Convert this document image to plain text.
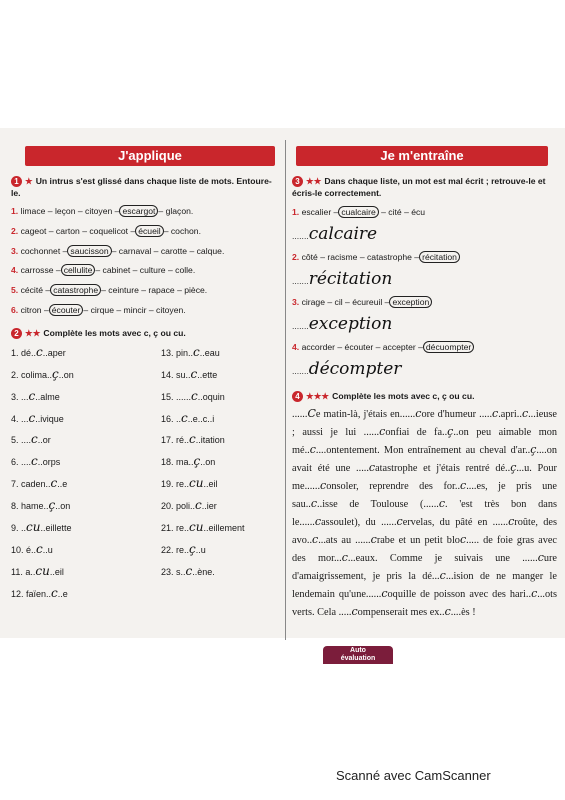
J'applique	Je m'entraîne
1 ★ Un intrus s'est glissé dans chaque liste de mots. Entoure-le.
1. limace – leçon – citoyen – escargot – glaçon.
2. cageot – carton – coquelicot – écueil – cochon.
3. cochonnet – saucisson – carnaval – carotte – calque.
4. carrosse – cellulite – cabinet – culture – colle.
5. cécité – catastrophe – ceinture – rapace – pièce.
6. citron – écouter – cirque – mincir – citoyen.
2 ★★ Complète les mots avec c, ç ou cu.
1. dé..c..aper	13. pin..c..eau
2. colima..ç..on	14. su..c..ette
3. ...c..alme	15. ......c..oquin
4. ...c..ivique	16. ..c..e..c..i
5. ....c..or	17. ré..c..itation
6. ....c..orps	18. ma..ç..on
7. caden..c..e	19. re..cu..eil
8. hame..ç..on	20. poli..c..ier
9. ..cu..eillette	21. re..cu..eillement
10. é..c..u	22. re..ç..u
11. a..cu..eil	23. s..c..ène.
12. faïen..c..e
3 ★★ Dans chaque liste, un mot est mal écrit ; retrouve-le et écris-le correctement.
1. escalier – cualcaire – cité – écu
.......calcaire
2. côté – racisme – catastrophe – récitation
.......récitation
3. cirage – cil – écureuil – exception
.......exception
4. accorder – écouter – accepter – décuompter
.......décompter
4 ★★★ Complète les mots avec c, ç ou cu.
......Ce matin-là, j'étais en......core d'humeur .....c.apri..c...ieuse ; aussi je lui ......confiai de fa..ç..on peu aimable mon mé..c....ontentement. Mon entraînement au cheval d'ar..ç....on avait été une .....catastrophe et j'étais rentré dé..ç...u. Pour me......consoler, reprendre des for..c....es, je pris une sau..c..isse de Toulouse (......c. 'est très bon dans le......cassoulet), du ......cervelas, du pâté en ......croûte, des avo..c...ats au ......crabe et un petit bloc..... de foie gras avec des mor...c...eaux. Comme je suivais une ......cure d'amaigrissement, je pris la dé...c...ision de ne manger le lendemain qu'une......coquille de poisson avec des hari..c...ots verts. Cela .....compenserait mes ex..c....ès !
Auto
évaluation
Scanné avec CamScanner
